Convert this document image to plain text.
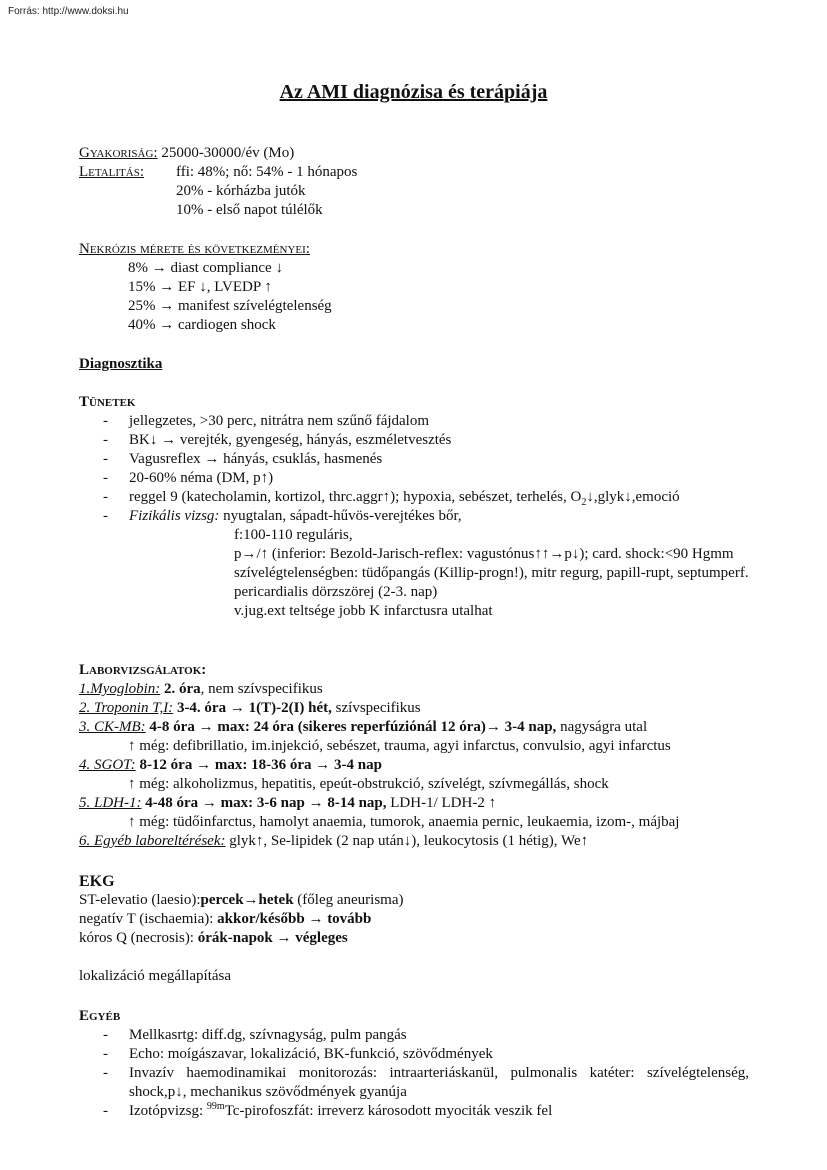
Forrás: http://www.doksi.hu
Az AMI diagnózisa és terápiája
Gyakoriság: 25000-30000/év (Mo)
Letalitás: ffi: 48%; nő: 54% - 1 hónapos
20% - kórházba jutók
10% - első napot túlélők
Nekrózis mérete és következményei:
8% → diast compliance ↓
15% → EF ↓, LVEDP ↑
25% → manifest szívelégtelenség
40% → cardiogen shock
Diagnosztika
Tünetek
- jellegzetes, >30 perc, nitrátra nem szűnő fájdalom
- BK↓ → verejték, gyengeség, hányás, eszméletvesztés
- Vagusreflex → hányás, csuklás, hasmenés
- 20-60% néma (DM, p↑)
- reggel 9 (katecholamin, kortizol, thrc.aggr↑); hypoxia, sebészet, terhelés, $O_2↓,glyk↓,emoció$
- Fizikális vizsg: nyugtalan, sápadt-hűvös-verejtékes bőr,
f:100-110 reguláris,
p→/↑ (inferior: Bezold-Jarisch-reflex: vagustónus↑↑→p↓); card. shock:<90 Hgmm
szívelégtelenségben: tüdőpangás (Killip-progn!), mitr regurg, papill-rupt, septumperf.
pericardialis dörzszörej (2-3. nap)
v.jug.ext teltsége jobb K infarctusra utalhat
Laborvizsgálatok:
1.Myoglobin: 2. óra, nem szívspecifikus
2. Troponin T,I: 3-4. óra → 1(T)-2(I) hét, szívspecifikus
3. CK-MB: 4-8 óra → max: 24 óra (sikeres reperfúziónál 12 óra)→ 3-4 nap, nagyságra utal
↑ még: defibrillatio, im.injekció, sebészet, trauma, agyi infarctus, convulsio, agyi infarctus
4. SGOT: 8-12 óra → max: 18-36 óra → 3-4 nap
↑ még: alkoholizmus, hepatitis, epeút-obstrukció, szívelégt, szívmegállás, shock
5. LDH-1: 4-48 óra → max: 3-6 nap → 8-14 nap, LDH-1/ LDH-2 ↑
↑ még: tüdőinfarctus, hamolyt anaemia, tumorok, anaemia pernic, leukaemia, izom-, májbaj
6. Egyéb laboreltérések: glyk↑, Se-lipidek (2 nap után↓), leukocytosis (1 hétig), We↑
EKG
ST-elevatio (laesio):percek→hetek (főleg aneurisma)
negatív T (ischaemia): akkor/később → tovább
kóros Q (necrosis): órák-napok → végleges
lokalizáció megállapítása
Egyéb
- Mellkasrtg: diff.dg, szívnagyság, pulm pangás
- Echo: moígászavar, lokalizáció, BK-funkció, szövődmények
-	Invazív haemodinamikai monitorozás: intraarteriáskanül, pulmonalis katéter: szívelégtelenség, shock,p↓, mechanikus szövődmények gyanúja
- Izotópvizsg: $^{99m}$Tc-pirofoszfát: irreverz károsodott myociták veszik fel
